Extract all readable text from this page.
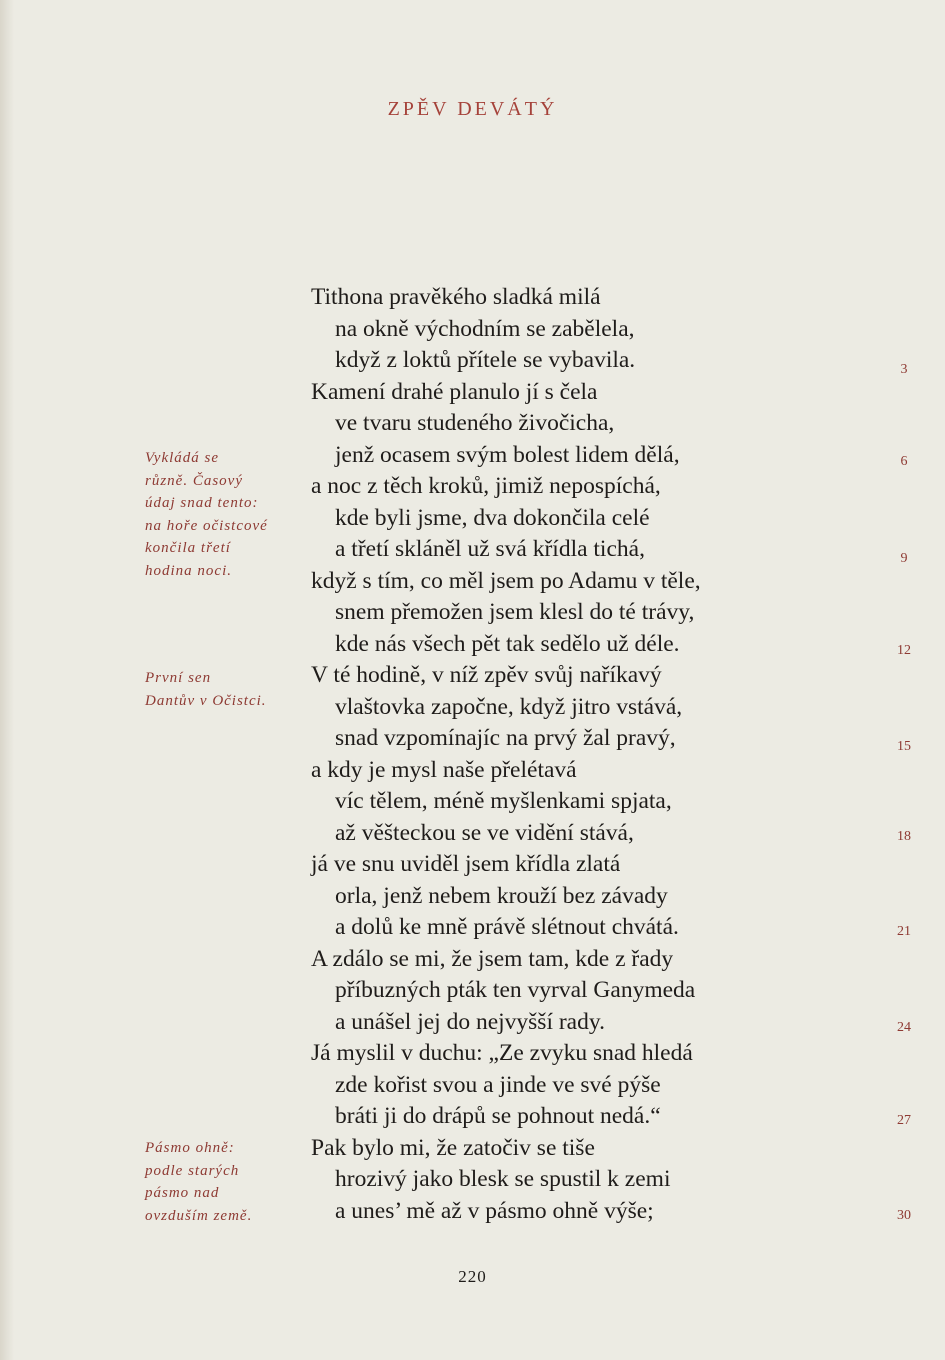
ZPĚV DEVÁTÝ
Tithona pravěkého sladká milá
na okně východním se zabělela,
když z loktů přítele se vybavila.
Kamení drahé planulo jí s čela
ve tvaru studeného živočicha,
jenž ocasem svým bolest lidem dělá,
a noc z těch kroků, jimiž nepospíchá,
kde byli jsme, dva dokončila celé
a třetí skláněl už svá křídla tichá,
když s tím, co měl jsem po Adamu v těle,
snem přemožen jsem klesl do té trávy,
kde nás všech pět tak sedělo už déle.
V té hodině, v níž zpěv svůj naříkavý
vlaštovka započne, když jitro vstává,
snad vzpomínajíc na prvý žal pravý,
a kdy je mysl naše přelétavá
víc tělem, méně myšlenkami spjata,
až věšteckou se ve vidění stává,
já ve snu uviděl jsem křídla zlatá
orla, jenž nebem krouží bez závady
a dolů ke mně právě slétnout chvátá.
A zdálo se mi, že jsem tam, kde z řady
příbuzných pták ten vyrval Ganymeda
a unášel jej do nejvyšší rady.
Já myslil v duchu: „Ze zvyku snad hledá
zde kořist svou a jinde ve své pýše
bráti ji do drápů se pohnout nedá.“
Pak bylo mi, že zatočiv se tiše
hrozivý jako blesk se spustil k zemi
a unes’ mě až v pásmo ohně výše;
Vykládá se
různě. Časový
údaj snad tento:
na hoře očistcové
končila třetí
hodina noci.
První sen
Dantův v Očistci.
Pásmo ohně:
podle starých
pásmo nad
ovzduším země.
3
6
9
12
15
18
21
24
27
30
220
